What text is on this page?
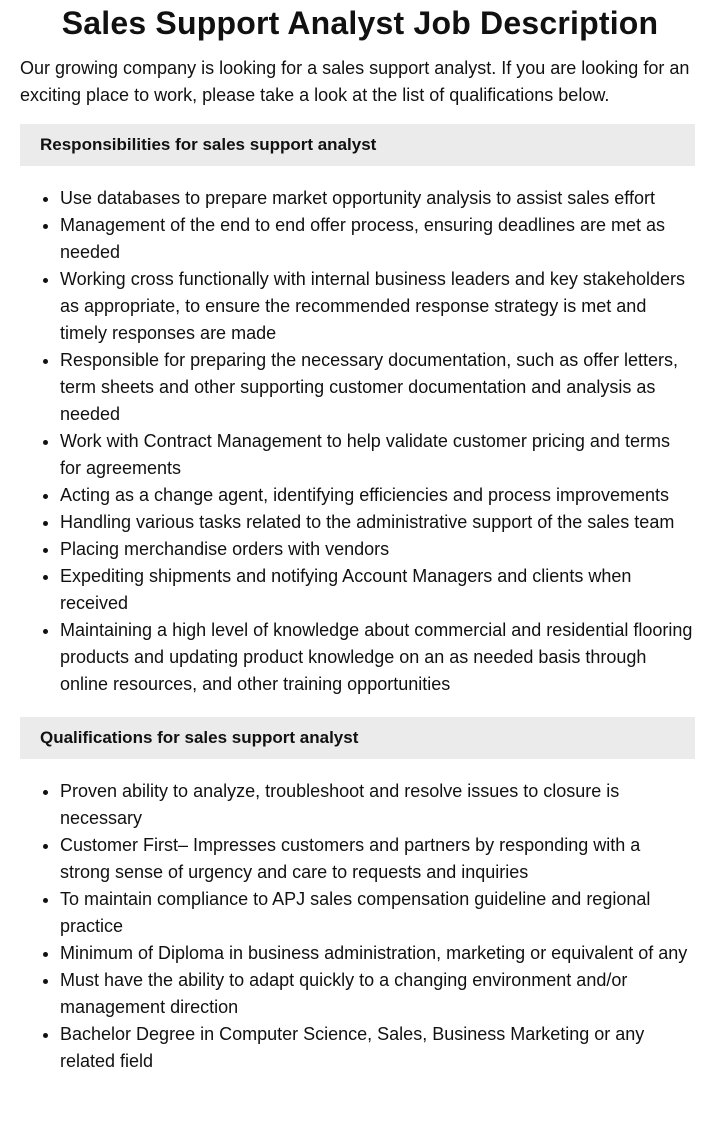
Sales Support Analyst Job Description

Our growing company is looking for a sales support analyst. If you are looking for an exciting place to work, please take a look at the list of qualifications below.

Responsibilities for sales support analyst
• Use databases to prepare market opportunity analysis to assist sales effort
• Management of the end to end offer process, ensuring deadlines are met as needed
• Working cross functionally with internal business leaders and key stakeholders as appropriate, to ensure the recommended response strategy is met and timely responses are made
• Responsible for preparing the necessary documentation, such as offer letters, term sheets and other supporting customer documentation and analysis as needed
• Work with Contract Management to help validate customer pricing and terms for agreements
• Acting as a change agent, identifying efficiencies and process improvements
• Handling various tasks related to the administrative support of the sales team
• Placing merchandise orders with vendors
• Expediting shipments and notifying Account Managers and clients when received
• Maintaining a high level of knowledge about commercial and residential flooring products and updating product knowledge on an as needed basis through online resources, and other training opportunities
Qualifications for sales support analyst
• Proven ability to analyze, troubleshoot and resolve issues to closure is necessary
• Customer First– Impresses customers and partners by responding with a strong sense of urgency and care to requests and inquiries
• To maintain compliance to APJ sales compensation guideline and regional practice
• Minimum of Diploma in business administration, marketing or equivalent of any
• Must have the ability to adapt quickly to a changing environment and/or management direction
• Bachelor Degree in Computer Science, Sales, Business Marketing or any related field
